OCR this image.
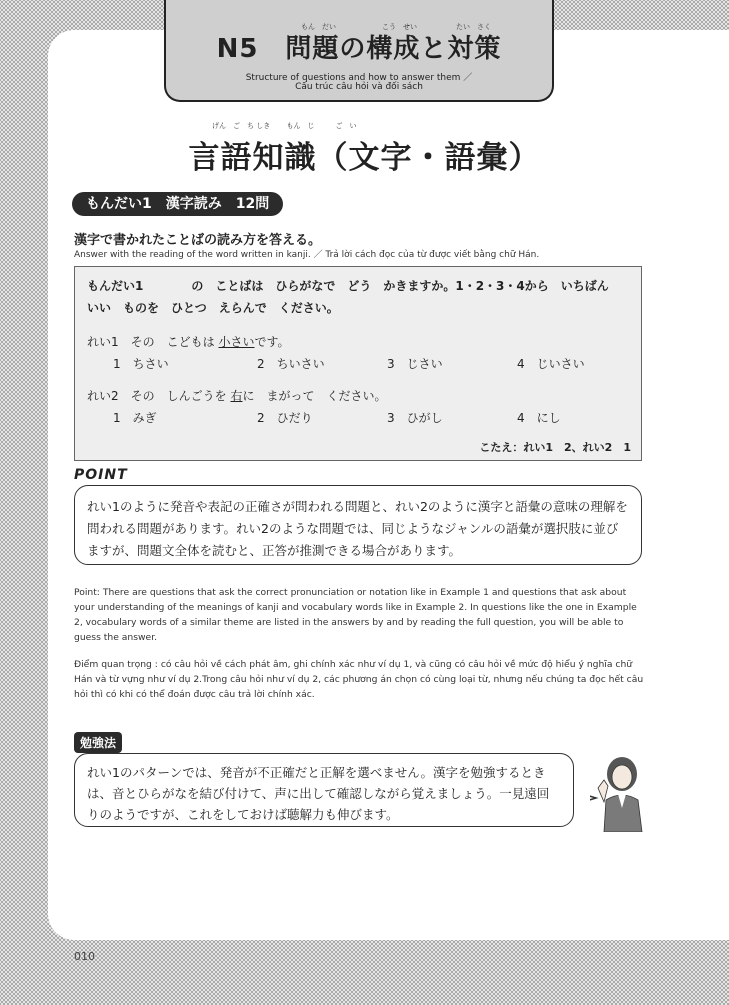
もん　だい	こう　せい	たい　さく
N5　問題の構成と対策
Structure of questions and how to answer them ／
Cấu trúc câu hỏi và đối sách
げん　ご　ち しき　　 もん　じ　　　ご　い
言語知識（文字・語彙）
もんだい1　漢字読み　12問
漢字で書かれたことばの読み方を答える。
Answer with the reading of the word written in kanji. ／ Trả lời cách đọc của từ được viết bằng chữ Hán.
もんだい1　　　　の　ことばは　ひらがなで　どう　かきますか。1・2・3・4から　いちばん
いい　ものを　ひとつ　えらんで　ください。
れい1　その　こどもは 小さいです。
1　 ちさい	2　 ちいさい	3　 じさい	4　 じいさい
れい2　その　しんごうを 右に　まがって　ください。
1　 みぎ	2　 ひだり	3　 ひがし	4　 にし
こたえ：れい1　2、れい2　1
POINT
れい1のように発音や表記の正確さが問われる問題と、れい2のように漢字と語彙の意味の理解を問われる問題があります。れい2のような問題では、同じようなジャンルの語彙が選択肢に並びますが、問題文全体を読むと、正答が推測できる場合があります。
Point: There are questions that ask the correct pronunciation or notation like in Example 1 and questions that ask about your understanding of the meanings of kanji and vocabulary words like in Example 2. In questions like the one in Example 2, vocabulary words of a similar theme are listed in the answers by and by reading the full question, you will be able to guess the answer.
Điểm quan trọng : có câu hỏi về cách phát âm, ghi chính xác như ví dụ 1, và cũng có câu hỏi về mức độ hiểu ý nghĩa chữ Hán và từ vựng như ví dụ 2.Trong câu hỏi như ví dụ 2, các phương án chọn có cùng loại từ, nhưng nếu chúng ta đọc hết câu hỏi thì có khi có thể đoán được câu trả lời chính xác.
勉強法
れい1のパターンでは、発音が不正確だと正解を選べません。漢字を勉強するときは、音とひらがなを結び付けて、声に出して確認しながら覚えましょう。一見遠回りのようですが、これをしておけば聴解力も伸びます。
010
